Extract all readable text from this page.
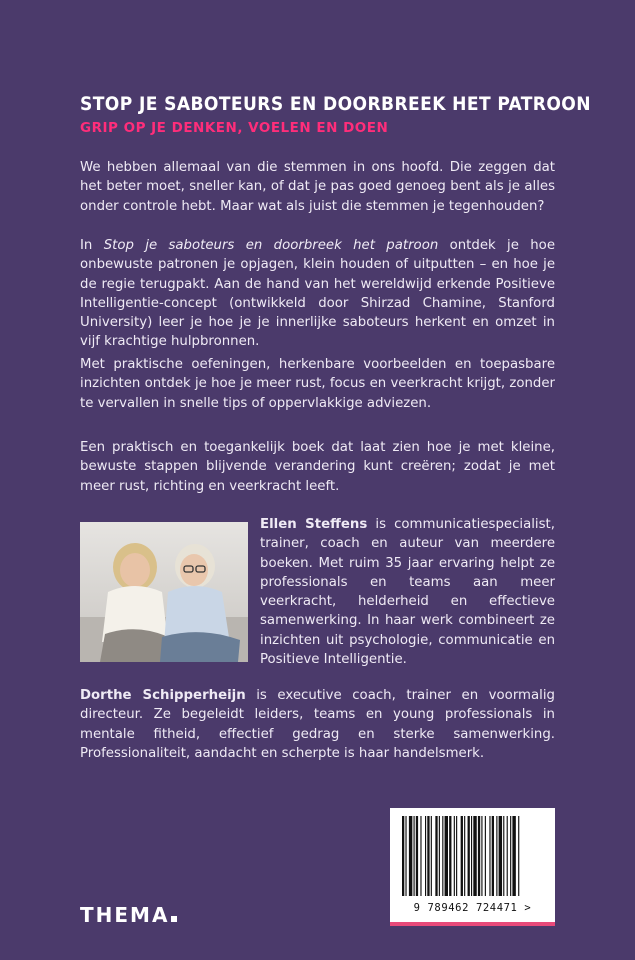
STOP JE SABOTEURS EN DOORBREEK HET PATROON
GRIP OP JE DENKEN, VOELEN EN DOEN
We hebben allemaal van die stemmen in ons hoofd. Die zeggen dat het beter moet, sneller kan, of dat je pas goed genoeg bent als je alles onder controle hebt. Maar wat als juist die stemmen je tegenhouden?
In Stop je saboteurs en doorbreek het patroon ontdek je hoe onbewuste patronen je opjagen, klein houden of uitputten – en hoe je de regie terugpakt. Aan de hand van het wereldwijd erkende Positieve Intelligentie-concept (ontwikkeld door Shirzad Chamine, Stanford University) leer je hoe je je innerlijke saboteurs herkent en omzet in vijf krachtige hulpbronnen.
Met praktische oefeningen, herkenbare voorbeelden en toepasbare inzichten ontdek je hoe je meer rust, focus en veerkracht krijgt, zonder te vervallen in snelle tips of oppervlakkige adviezen.
Een praktisch en toegankelijk boek dat laat zien hoe je met kleine, bewuste stappen blijvende verandering kunt creëren; zodat je met meer rust, richting en veerkracht leeft.
Ellen Steffens is communicatiespecialist, trainer, coach en auteur van meerdere boeken. Met ruim 35 jaar ervaring helpt ze professionals en teams aan meer veerkracht, helderheid en effectieve samenwerking. In haar werk combineert ze inzichten uit psychologie, communicatie en Positieve Intelligentie.
Dorthe Schipperheijn is executive coach, trainer en voormalig directeur. Ze begeleidt leiders, teams en young professionals in mentale fitheid, effectief gedrag en sterke samenwerking. Professionaliteit, aandacht en scherpte is haar handelsmerk.
9 789462 724471 >
THEMA
